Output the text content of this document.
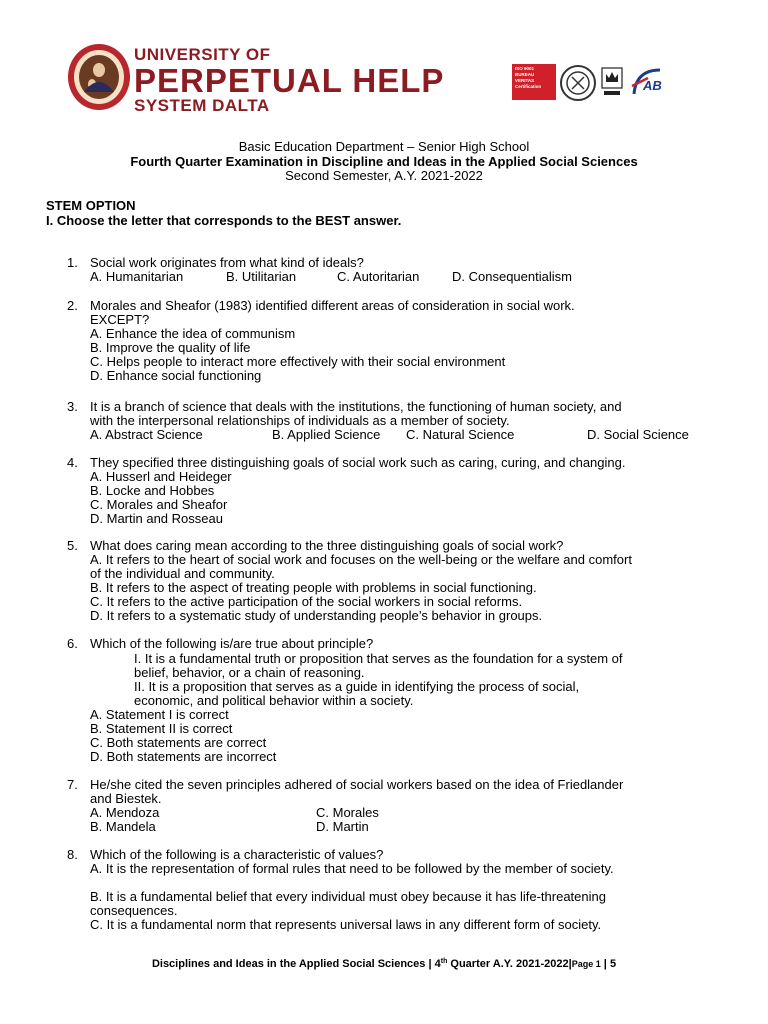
UNIVERSITY OF
PERPETUAL HELP
SYSTEM DALTA
ISO 9001
BUREAU VERITAS
Certification	AB
Basic Education Department – Senior High School
Fourth Quarter Examination in Discipline and Ideas in the Applied Social Sciences
Second Semester, A.Y. 2021-2022
STEM OPTION
I. Choose the letter that corresponds to the BEST answer.
1. Social work originates from what kind of ideals?
A. Humanitarian	B. Utilitarian	C. Autoritarian	D. Consequentialism
2. Morales and Sheafor (1983) identified different areas of consideration in social work.
EXCEPT?
A. Enhance the idea of communism
B. Improve the quality of life
C. Helps people to interact more effectively with their social environment
D. Enhance social functioning
3. It is a branch of science that deals with the institutions, the functioning of human society, and
with the interpersonal relationships of individuals as a member of society.
A. Abstract Science	B. Applied Science C. Natural Science	D. Social Science
4. They specified three distinguishing goals of social work such as caring, curing, and changing.
A. Husserl and Heideger
B. Locke and Hobbes
C. Morales and Sheafor
D. Martin and Rosseau
5. What does caring mean according to the three distinguishing goals of social work?
A. It refers to the heart of social work and focuses on the well-being or the welfare and comfort
of the individual and community.
B. It refers to the aspect of treating people with problems in social functioning.
C. It refers to the active participation of the social workers in social reforms.
D. It refers to a systematic study of understanding people’s behavior in groups.
6. Which of the following is/are true about principle?
I. It is a fundamental truth or proposition that serves as the foundation for a system of
belief, behavior, or a chain of reasoning.
II. It is a proposition that serves as a guide in identifying the process of social,
economic, and political behavior within a society.
A. Statement I is correct
B. Statement II is correct
C. Both statements are correct
D. Both statements are incorrect
7. He/she cited the seven principles adhered of social workers based on the idea of Friedlander
and Biestek.
A. Mendoza	C. Morales
B. Mandela	D. Martin
8. Which of the following is a characteristic of values?
A. It is the representation of formal rules that need to be followed by the member of society.
B. It is a fundamental belief that every individual must obey because it has life-threatening
consequences.
C. It is a fundamental norm that represents universal laws in any different form of society.
Disciplines and Ideas in the Applied Social Sciences | 4th Quarter A.Y. 2021-2022|Page 1 | 5
